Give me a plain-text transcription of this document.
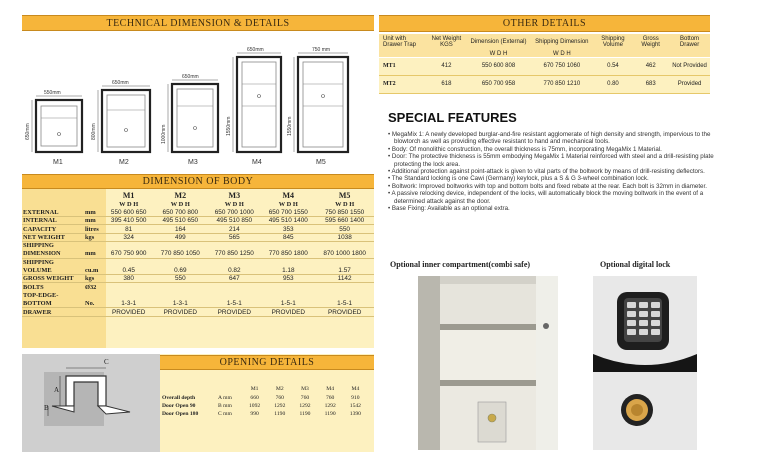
TECHNICAL DIMENSION & DETAILS
550mm
650mm
M1
650mm
800mm
M2
650mm
1000mm
M3
650mm
1550mm
M4
750 mm
1550mm
M5
DIMENSION OF BODY
		M1	M2	M3	M4	M5
		W D H	W D H	W D H	W D H	W D H
EXTERNAL	mm	550 600 650	650 700 800	650 700 1000	650 700 1550	750 850 1550
INTERNAL	mm	395 410 500	495 510 650	495 510 850	495 510 1400	595 660 1400
CAPACITY	litres	81	164	214	353	550
NET WEIGHT	kgs	324	499	565	845	1038
SHIPPING						
DIMENSION	mm	670 750 900	770 850 1050	770 850 1250	770 850 1800	870 1000 1800
SHIPPING						
VOLUME	cu.m	0.45	0.69	0.82	1.18	1.57
GROSS WEIGHT	kgs	380	550	647	953	1142
BOLTS	Ø32					
TOP-EDGE-						
BOTTOM	No.	1-3-1	1-3-1	1-5-1	1-5-1	1-5-1
DRAWER		PROVIDED	PROVIDED	PROVIDED	PROVIDED	PROVIDED
OPENING DETAILS
C
A
B
		M1	M2	M3	M4	M4
Overall depth	A mm	660	760	760	760	910
Door Open 90	B mm	1092	1292	1292	1292	1542
Door Open 180	C mm	990	1190	1190	1190	1390
OTHER DETAILS
Unit with Drawer Trap	Net Weight KGS	Dimension (External)	Shipping Dimension	Shipping Volume	Gross Weight	Bottom Drawer
		W D H	W D H			
MT1	412	550 600 808	670 750 1060	0.54	462	Not Provided
MT2	618	650 700 958	770 850 1210	0.80	683	Provided
SPECIAL FEATURES
• MegaMix 1: A newly developed burglar-and-fire resistant agglomerate of high density and strength, impervious to the blowtorch as well as providing effective resistant to hand and mechanical tools.
• Body: Of monolithic construction, the overall thickness is 75mm, incorporating MegaMix 1 Material.
• Door: The protective thickness is 55mm embodying MegaMix 1 Material reinforced with steel and a drill-resisting plate protecting the lock area.
• Additional protection against point-attack is given to vital parts of the boltwork by means of drill-resisting deflectors.
• The Standard locking is one Cawi (Germany) keylock, plus a S & G 3-wheel combination lock.
• Boltwork: Improved boltworks with top and bottom bolts and fixed rebate at the rear. Each bolt is 32mm in diameter.
• A passive relocking device, independent of the locks, will automatically block the moving boltwork in the event of a determined attack against the door.
• Base Fixing: Available as an optional extra.
Optional inner compartment(combi safe)	Optional digital lock
